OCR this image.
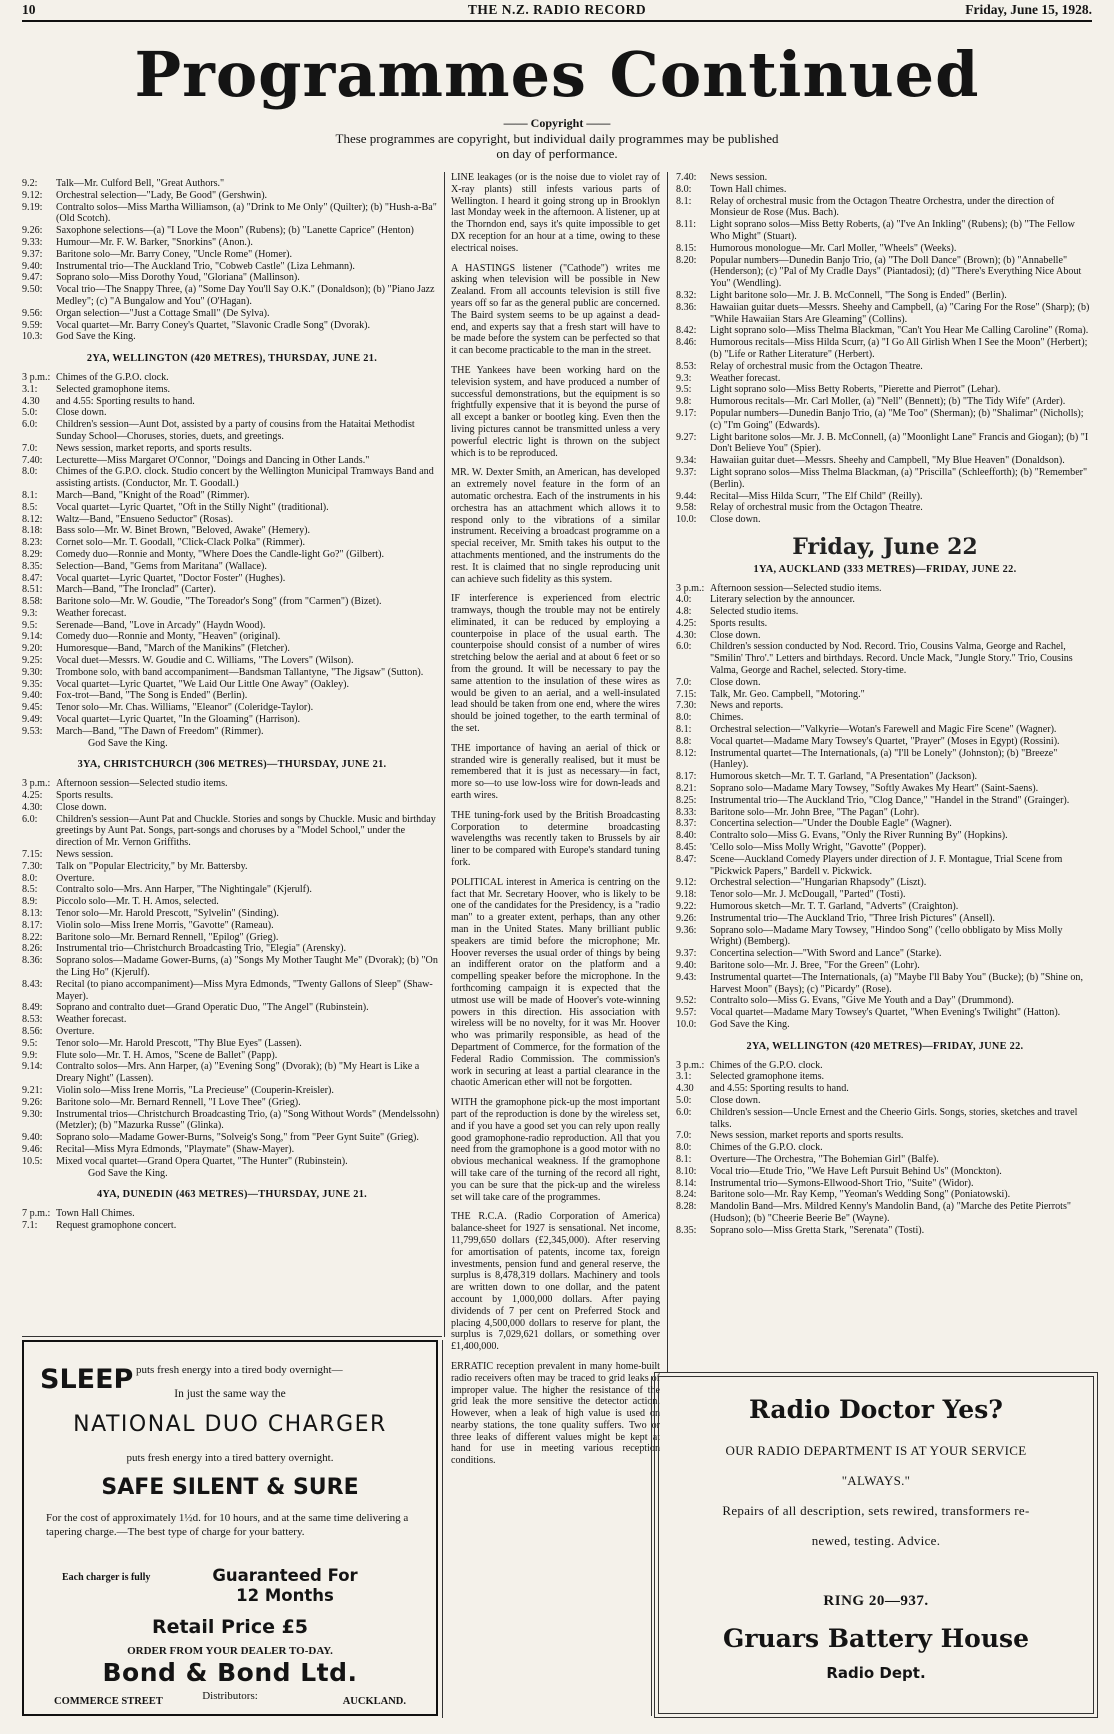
10	THE N.Z. RADIO RECORD	Friday, June 15, 1928.
Programmes Continued
—— Copyright ——
These programmes are copyright, but individual daily programmes may be published on day of performance.
9.2:	Talk—Mr. Culford Bell, "Great Authors."
9.12:	Orchestral selection—"Lady, Be Good" (Gershwin).
9.19:	Contralto solos—Miss Martha Williamson, (a) "Drink to Me Only" (Quilter); (b) "Hush-a-Ba" (Old Scotch).
9.26:	Saxophone selections—(a) "I Love the Moon" (Rubens); (b) "Lanette Caprice" (Henton)
9.33:	Humour—Mr. F. W. Barker, "Snorkins" (Anon.).
9.37:	Baritone solo—Mr. Barry Coney, "Uncle Rome" (Homer).
9.40:	Instrumental trio—The Auckland Trio, "Cobweb Castle" (Liza Lehmann).
9.47:	Soprano solo—Miss Dorothy Youd, "Gloriana" (Mallinson).
9.50:	Vocal trio—The Snappy Three, (a) "Some Day You'll Say O.K." (Donaldson); (b) "Piano Jazz Medley"; (c) "A Bungalow and You" (O'Hagan).
9.56:	Organ selection—"Just a Cottage Small" (De Sylva).
9.59:	Vocal quartet—Mr. Barry Coney's Quartet, "Slavonic Cradle Song" (Dvorak).
10.3:	God Save the King.
2YA, WELLINGTON (420 METRES), THURSDAY, JUNE 21.
3 p.m.: Chimes of the G.P.O. clock.
3.1:	Selected gramophone items.
4.30	and 4.55: Sporting results to hand.
5.0:	Close down.
6.0:	Children's session—Aunt Dot, assisted by a party of cousins from the Hataitai Methodist Sunday School—Choruses, stories, duets, and greetings.
7.0:	News session, market reports, and sports results.
7.40:	Lecturette—Miss Margaret O'Connor, "Doings and Dancing in Other Lands."
8.0:	Chimes of the G.P.O. clock. Studio concert by the Wellington Municipal Tramways Band and assisting artists. (Conductor, Mr. T. Goodall.)
8.1:	March—Band, "Knight of the Road" (Rimmer).
8.5:	Vocal quartet—Lyric Quartet, "Oft in the Stilly Night" (traditional).
8.12:	Waltz—Band, "Ensueno Seductor" (Rosas).
8.18:	Bass solo—Mr. W. Binet Brown, "Beloved, Awake" (Hemery).
8.23:	Cornet solo—Mr. T. Goodall, "Click-Clack Polka" (Rimmer).
8.29:	Comedy duo—Ronnie and Monty, "Where Does the Candle-light Go?" (Gilbert).
8.35:	Selection—Band, "Gems from Maritana" (Wallace).
8.47:	Vocal quartet—Lyric Quartet, "Doctor Foster" (Hughes).
8.51:	March—Band, "The Ironclad" (Carter).
8.58:	Baritone solo—Mr. W. Goudie, "The Toreador's Song" (from "Carmen") (Bizet).
9.3:	Weather forecast.
9.5:	Serenade—Band, "Love in Arcady" (Haydn Wood).
9.14:	Comedy duo—Ronnie and Monty, "Heaven" (original).
9.20:	Humoresque—Band, "March of the Manikins" (Fletcher).
9.25:	Vocal duet—Messrs. W. Goudie and C. Williams, "The Lovers" (Wilson).
9.30:	Trombone solo, with band accompaniment—Bandsman Tallantyne, "The Jigsaw" (Sutton).
9.35:	Vocal quartet—Lyric Quartet, "We Laid Our Little One Away" (Oakley).
9.40:	Fox-trot—Band, "The Song is Ended" (Berlin).
9.45:	Tenor solo—Mr. Chas. Williams, "Eleanor" (Coleridge-Taylor).
9.49:	Vocal quartet—Lyric Quartet, "In the Gloaming" (Harrison).
9.53:	March—Band, "The Dawn of Freedom" (Rimmer).
God Save the King.
3YA, CHRISTCHURCH (306 METRES)—THURSDAY, JUNE 21.
3 p.m.: Afternoon session—Selected studio items.
4.25:	Sports results.
4.30:	Close down.
6.0:	Children's session—Aunt Pat and Chuckle. Stories and songs by Chuckle. Music and birthday greetings by Aunt Pat. Songs, part-songs and choruses by a "Model School," under the direction of Mr. Vernon Griffiths.
7.15:	News session.
7.30:	Talk on "Popular Electricity," by Mr. Battersby.
8.0:	Overture.
8.5:	Contralto solo—Mrs. Ann Harper, "The Nightingale" (Kjerulf).
8.9:	Piccolo solo—Mr. T. H. Amos, selected.
8.13:	Tenor solo—Mr. Harold Prescott, "Sylvelin" (Sinding).
8.17:	Violin solo—Miss Irene Morris, "Gavotte" (Rameau).
8.22:	Baritone solo—Mr. Bernard Rennell, "Epilog" (Grieg).
8.26:	Instrumental trio—Christchurch Broadcasting Trio, "Elegia" (Arensky).
8.36:	Soprano solos—Madame Gower-Burns, (a) "Songs My Mother Taught Me" (Dvorak); (b) "On the Ling Ho" (Kjerulf).
8.43:	Recital (to piano accompaniment)—Miss Myra Edmonds, "Twenty Gallons of Sleep" (Shaw-Mayer).
8.49:	Soprano and contralto duet—Grand Operatic Duo, "The Angel" (Rubinstein).
8.53:	Weather forecast.
8.56:	Overture.
9.5:	Tenor solo—Mr. Harold Prescott, "Thy Blue Eyes" (Lassen).
9.9:	Flute solo—Mr. T. H. Amos, "Scene de Ballet" (Papp).
9.14:	Contralto solos—Mrs. Ann Harper, (a) "Evening Song" (Dvorak); (b) "My Heart is Like a Dreary Night" (Lassen).
9.21:	Violin solo—Miss Irene Morris, "La Precieuse" (Couperin-Kreisler).
9.26:	Baritone solo—Mr. Bernard Rennell, "I Love Thee" (Grieg).
9.30:	Instrumental trios—Christchurch Broadcasting Trio, (a) "Song Without Words" (Mendelssohn) (Metzler); (b) "Mazurka Russe" (Glinka).
9.40:	Soprano solo—Madame Gower-Burns, "Solveig's Song," from "Peer Gynt Suite" (Grieg).
9.46:	Recital—Miss Myra Edmonds, "Playmate" (Shaw-Mayer).
10.5:	Mixed vocal quartet—Grand Opera Quartet, "The Hunter" (Rubinstein).
God Save the King.
4YA, DUNEDIN (463 METRES)—THURSDAY, JUNE 21.
7 p.m.: Town Hall Chimes.
7.1:	Request gramophone concert.
LINE leakages (or is the noise due to violet ray of X-ray plants) still infests various parts of Wellington. I heard it going strong up in Brooklyn last Monday week in the afternoon. A listener, up at the Thorndon end, says it's quite impossible to get DX reception for an hour at a time, owing to these electrical noises.
A HASTINGS listener ("Cathode") writes me asking when television will be possible in New Zealand. From all accounts television is still five years off so far as the general public are concerned. The Baird system seems to be up against a dead-end, and experts say that a fresh start will have to be made before the system can be perfected so that it can become practicable to the man in the street.
THE Yankees have been working hard on the television system, and have produced a number of successful demonstrations, but the equipment is so frightfully expensive that it is beyond the purse of all except a banker or bootleg king. Even then the living pictures cannot be transmitted unless a very powerful electric light is thrown on the subject which is to be reproduced.
MR. W. Dexter Smith, an American, has developed an extremely novel feature in the form of an automatic orchestra. Each of the instruments in his orchestra has an attachment which allows it to respond only to the vibrations of a similar instrument. Receiving a broadcast programme on a special receiver, Mr. Smith takes his output to the attachments mentioned, and the instruments do the rest. It is claimed that no single reproducing unit can achieve such fidelity as this system.
IF interference is experienced from electric tramways, though the trouble may not be entirely eliminated, it can be reduced by employing a counterpoise in place of the usual earth. The counterpoise should consist of a number of wires stretching below the aerial and at about 6 feet or so from the ground. It will be necessary to pay the same attention to the insulation of these wires as would be given to an aerial, and a well-insulated lead should be taken from one end, where the wires should be joined together, to the earth terminal of the set.
THE importance of having an aerial of thick or stranded wire is generally realised, but it must be remembered that it is just as necessary—in fact, more so—to use low-loss wire for down-leads and earth wires.
THE tuning-fork used by the British Broadcasting Corporation to determine broadcasting wavelengths was recently taken to Brussels by air liner to be compared with Europe's standard tuning fork.
POLITICAL interest in America is centring on the fact that Mr. Secretary Hoover, who is likely to be one of the candidates for the Presidency, is a "radio man" to a greater extent, perhaps, than any other man in the United States. Many brilliant public speakers are timid before the microphone; Mr. Hoover reverses the usual order of things by being an indifferent orator on the platform and a compelling speaker before the microphone. In the forthcoming campaign it is expected that the utmost use will be made of Hoover's vote-winning powers in this direction. His association with wireless will be no novelty, for it was Mr. Hoover who was primarily responsible, as head of the Department of Commerce, for the formation of the Federal Radio Commission. The commission's work in securing at least a partial clearance in the chaotic American ether will not be forgotten.
WITH the gramophone pick-up the most important part of the reproduction is done by the wireless set, and if you have a good set you can rely upon really good gramophone-radio reproduction. All that you need from the gramophone is a good motor with no obvious mechanical weakness. If the gramophone will take care of the turning of the record all right, you can be sure that the pick-up and the wireless set will take care of the programmes.
THE R.C.A. (Radio Corporation of America) balance-sheet for 1927 is sensational. Net income, 11,799,650 dollars (£2,345,000). After reserving for amortisation of patents, income tax, foreign investments, pension fund and general reserve, the surplus is 8,478,319 dollars. Machinery and tools are written down to one dollar, and the patent account by 1,000,000 dollars. After paying dividends of 7 per cent on Preferred Stock and placing 4,500,000 dollars to reserve for plant, the surplus is 7,029,621 dollars, or something over £1,400,000.
ERRATIC reception prevalent in many home-built radio receivers often may be traced to grid leaks of improper value. The higher the resistance of the grid leak the more sensitive the detector action. However, when a leak of high value is used on nearby stations, the tone quality suffers. Two or three leaks of different values might be kept at hand for use in meeting various reception conditions.
7.40:	News session.
8.0:	Town Hall chimes.
8.1:	Relay of orchestral music from the Octagon Theatre Orchestra, under the direction of Monsieur de Rose (Mus. Bach).
8.11:	Light soprano solos—Miss Betty Roberts, (a) "I've An Inkling" (Rubens); (b) "The Fellow Who Might" (Stuart).
8.15:	Humorous monologue—Mr. Carl Moller, "Wheels" (Weeks).
8.20:	Popular numbers—Dunedin Banjo Trio, (a) "The Doll Dance" (Brown); (b) "Annabelle" (Henderson); (c) "Pal of My Cradle Days" (Piantadosi); (d) "There's Everything Nice About You" (Wendling).
8.32:	Light baritone solo—Mr. J. B. McConnell, "The Song is Ended" (Berlin).
8.36:	Hawaiian guitar duets—Messrs. Sheehy and Campbell, (a) "Caring For the Rose" (Sharp); (b) "While Hawaiian Stars Are Gleaming" (Collins).
8.42:	Light soprano solo—Miss Thelma Blackman, "Can't You Hear Me Calling Caroline" (Roma).
8.46:	Humorous recitals—Miss Hilda Scurr, (a) "I Go All Girlish When I See the Moon" (Herbert); (b) "Life or Rather Literature" (Herbert).
8.53:	Relay of orchestral music from the Octagon Theatre.
9.3:	Weather forecast.
9.5:	Light soprano solo—Miss Betty Roberts, "Pierette and Pierrot" (Lehar).
9.8:	Humorous recitals—Mr. Carl Moller, (a) "Nell" (Bennett); (b) "The Tidy Wife" (Arder).
9.17:	Popular numbers—Dunedin Banjo Trio, (a) "Me Too" (Sherman); (b) "Shalimar" (Nicholls); (c) "I'm Going" (Edwards).
9.27:	Light baritone solos—Mr. J. B. McConnell, (a) "Moonlight Lane" Francis and Giogan); (b) "I Don't Believe You" (Spier).
9.34:	Hawaiian guitar duet—Messrs. Sheehy and Campbell, "My Blue Heaven" (Donaldson).
9.37:	Light soprano solos—Miss Thelma Blackman, (a) "Priscilla" (Schleefforth); (b) "Remember" (Berlin).
9.44:	Recital—Miss Hilda Scurr, "The Elf Child" (Reilly).
9.58:	Relay of orchestral music from the Octagon Theatre.
10.0:	Close down.
Friday, June 22
1YA, AUCKLAND (333 METRES)—FRIDAY, JUNE 22.
3 p.m.: Afternoon session—Selected studio items.
4.0:	Literary selection by the announcer.
4.8:	Selected studio items.
4.25:	Sports results.
4.30:	Close down.
6.0:	Children's session conducted by Nod. Record. Trio, Cousins Valma, George and Rachel, "Smilin' Thro'." Letters and birthdays. Record. Uncle Mack, "Jungle Story." Trio, Cousins Valma, George and Rachel, selected. Story-time.
7.0:	Close down.
7.15:	Talk, Mr. Geo. Campbell, "Motoring."
7.30:	News and reports.
8.0:	Chimes.
8.1:	Orchestral selection—"Valkyrie—Wotan's Farewell and Magic Fire Scene" (Wagner).
8.8:	Vocal quartet—Madame Mary Towsey's Quartet, "Prayer" (Moses in Egypt) (Rossini).
8.12:	Instrumental quartet—The Internationals, (a) "I'll be Lonely" (Johnston); (b) "Breeze" (Hanley).
8.17:	Humorous sketch—Mr. T. T. Garland, "A Presentation" (Jackson).
8.21:	Soprano solo—Madame Mary Towsey, "Softly Awakes My Heart" (Saint-Saens).
8.25:	Instrumental trio—The Auckland Trio, "Clog Dance," "Handel in the Strand" (Grainger).
8.33:	Baritone solo—Mr. John Bree, "The Pagan" (Lohr).
8.37:	Concertina selection—"Under the Double Eagle" (Wagner).
8.40:	Contralto solo—Miss G. Evans, "Only the River Running By" (Hopkins).
8.45:	'Cello solo—Miss Molly Wright, "Gavotte" (Popper).
8.47:	Scene—Auckland Comedy Players under direction of J. F. Montague, Trial Scene from "Pickwick Papers," Bardell v. Pickwick.
9.12:	Orchestral selection—"Hungarian Rhapsody" (Liszt).
9.18:	Tenor solo—Mr. J. McDougall, "Parted" (Tosti).
9.22:	Humorous sketch—Mr. T. T. Garland, "Adverts" (Craighton).
9.26:	Instrumental trio—The Auckland Trio, "Three Irish Pictures" (Ansell).
9.36:	Soprano solo—Madame Mary Towsey, "Hindoo Song" ('cello obbligato by Miss Molly Wright) (Bemberg).
9.37:	Concertina selection—"With Sword and Lance" (Starke).
9.40:	Baritone solo—Mr. J. Bree, "For the Green" (Lohr).
9.43:	Instrumental quartet—The Internationals, (a) "Maybe I'll Baby You" (Bucke); (b) "Shine on, Harvest Moon" (Bays); (c) "Picardy" (Rose).
9.52:	Contralto solo—Miss G. Evans, "Give Me Youth and a Day" (Drummond).
9.57:	Vocal quartet—Madame Mary Towsey's Quartet, "When Evening's Twilight" (Hatton).
10.0:	God Save the King.
2YA, WELLINGTON (420 METRES)—FRIDAY, JUNE 22.
3 p.m.: Chimes of the G.P.O. clock.
3.1:	Selected gramophone items.
4.30	and 4.55: Sporting results to hand.
5.0:	Close down.
6.0:	Children's session—Uncle Ernest and the Cheerio Girls. Songs, stories, sketches and travel talks.
7.0:	News session, market reports and sports results.
8.0:	Chimes of the G.P.O. clock.
8.1:	Overture—The Orchestra, "The Bohemian Girl" (Balfe).
8.10:	Vocal trio—Etude Trio, "We Have Left Pursuit Behind Us" (Monckton).
8.14:	Instrumental trio—Symons-Ellwood-Short Trio, "Suite" (Widor).
8.24:	Baritone solo—Mr. Ray Kemp, "Yeoman's Wedding Song" (Poniatowski).
8.28:	Mandolin Band—Mrs. Mildred Kenny's Mandolin Band, (a) "Marche des Petite Pierrots" (Hudson); (b) "Cheerie Beerie Be" (Wayne).
8.35:	Soprano solo—Miss Gretta Stark, "Serenata" (Tosti).
SLEEP puts fresh energy into a tired body overnight—
In just the same way the
NATIONAL DUO CHARGER
puts fresh energy into a tired battery overnight.
SAFE SILENT & SURE
For the cost of approximately 1½d. for 10 hours, and at the same time delivering a tapering charge.—The best type of charge for your battery.
Each charger is fully	Guaranteed For 12 Months
Retail Price £5
ORDER FROM YOUR DEALER TO-DAY.
Bond & Bond Ltd.
Distributors:
COMMERCE STREET	AUCKLAND.
Radio Doctor Yes?
OUR RADIO DEPARTMENT IS AT YOUR SERVICE
"ALWAYS."
Repairs of all description, sets rewired, transformers re-
newed, testing. Advice.
RING 20—937.
Gruars Battery House
Radio Dept.
